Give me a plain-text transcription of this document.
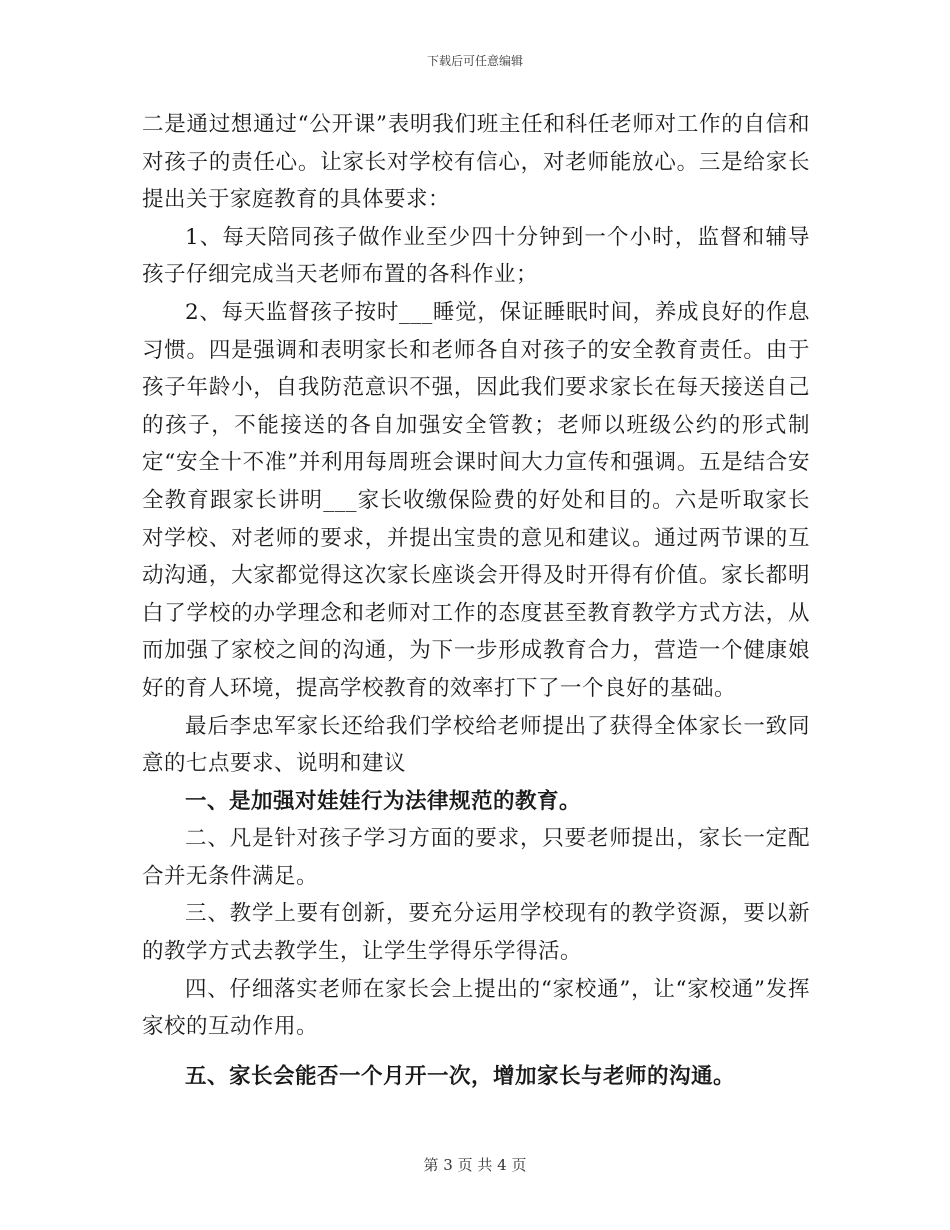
下载后可任意编辑

二是通过想通过“公开课”表明我们班主任和科任老师对工作的自信和对孩子的责任心。让家长对学校有信心，对老师能放心。三是给家长提出关于家庭教育的具体要求：

1、每天陪同孩子做作业至少四十分钟到一个小时，监督和辅导孩子仔细完成当天老师布置的各科作业；

2、每天监督孩子按时___睡觉，保证睡眠时间，养成良好的作息习惯。四是强调和表明家长和老师各自对孩子的安全教育责任。由于孩子年龄小，自我防范意识不强，因此我们要求家长在每天接送自己的孩子，不能接送的各自加强安全管教；老师以班级公约的形式制定“安全十不准”并利用每周班会课时间大力宣传和强调。五是结合安全教育跟家长讲明___家长收缴保险费的好处和目的。六是听取家长对学校、对老师的要求，并提出宝贵的意见和建议。通过两节课的互动沟通，大家都觉得这次家长座谈会开得及时开得有价值。家长都明白了学校的办学理念和老师对工作的态度甚至教育教学方式方法，从而加强了家校之间的沟通，为下一步形成教育合力，营造一个健康娘好的育人环境，提高学校教育的效率打下了一个良好的基础。

最后李忠军家长还给我们学校给老师提出了获得全体家长一致同意的七点要求、说明和建议

一、是加强对娃娃行为法律规范的教育。

二、凡是针对孩子学习方面的要求，只要老师提出，家长一定配合并无条件满足。

三、教学上要有创新，要充分运用学校现有的教学资源，要以新的教学方式去教学生，让学生学得乐学得活。

四、仔细落实老师在家长会上提出的“家校通”，让“家校通”发挥家校的互动作用。

五、家长会能否一个月开一次，增加家长与老师的沟通。

第 3 页 共 4 页
